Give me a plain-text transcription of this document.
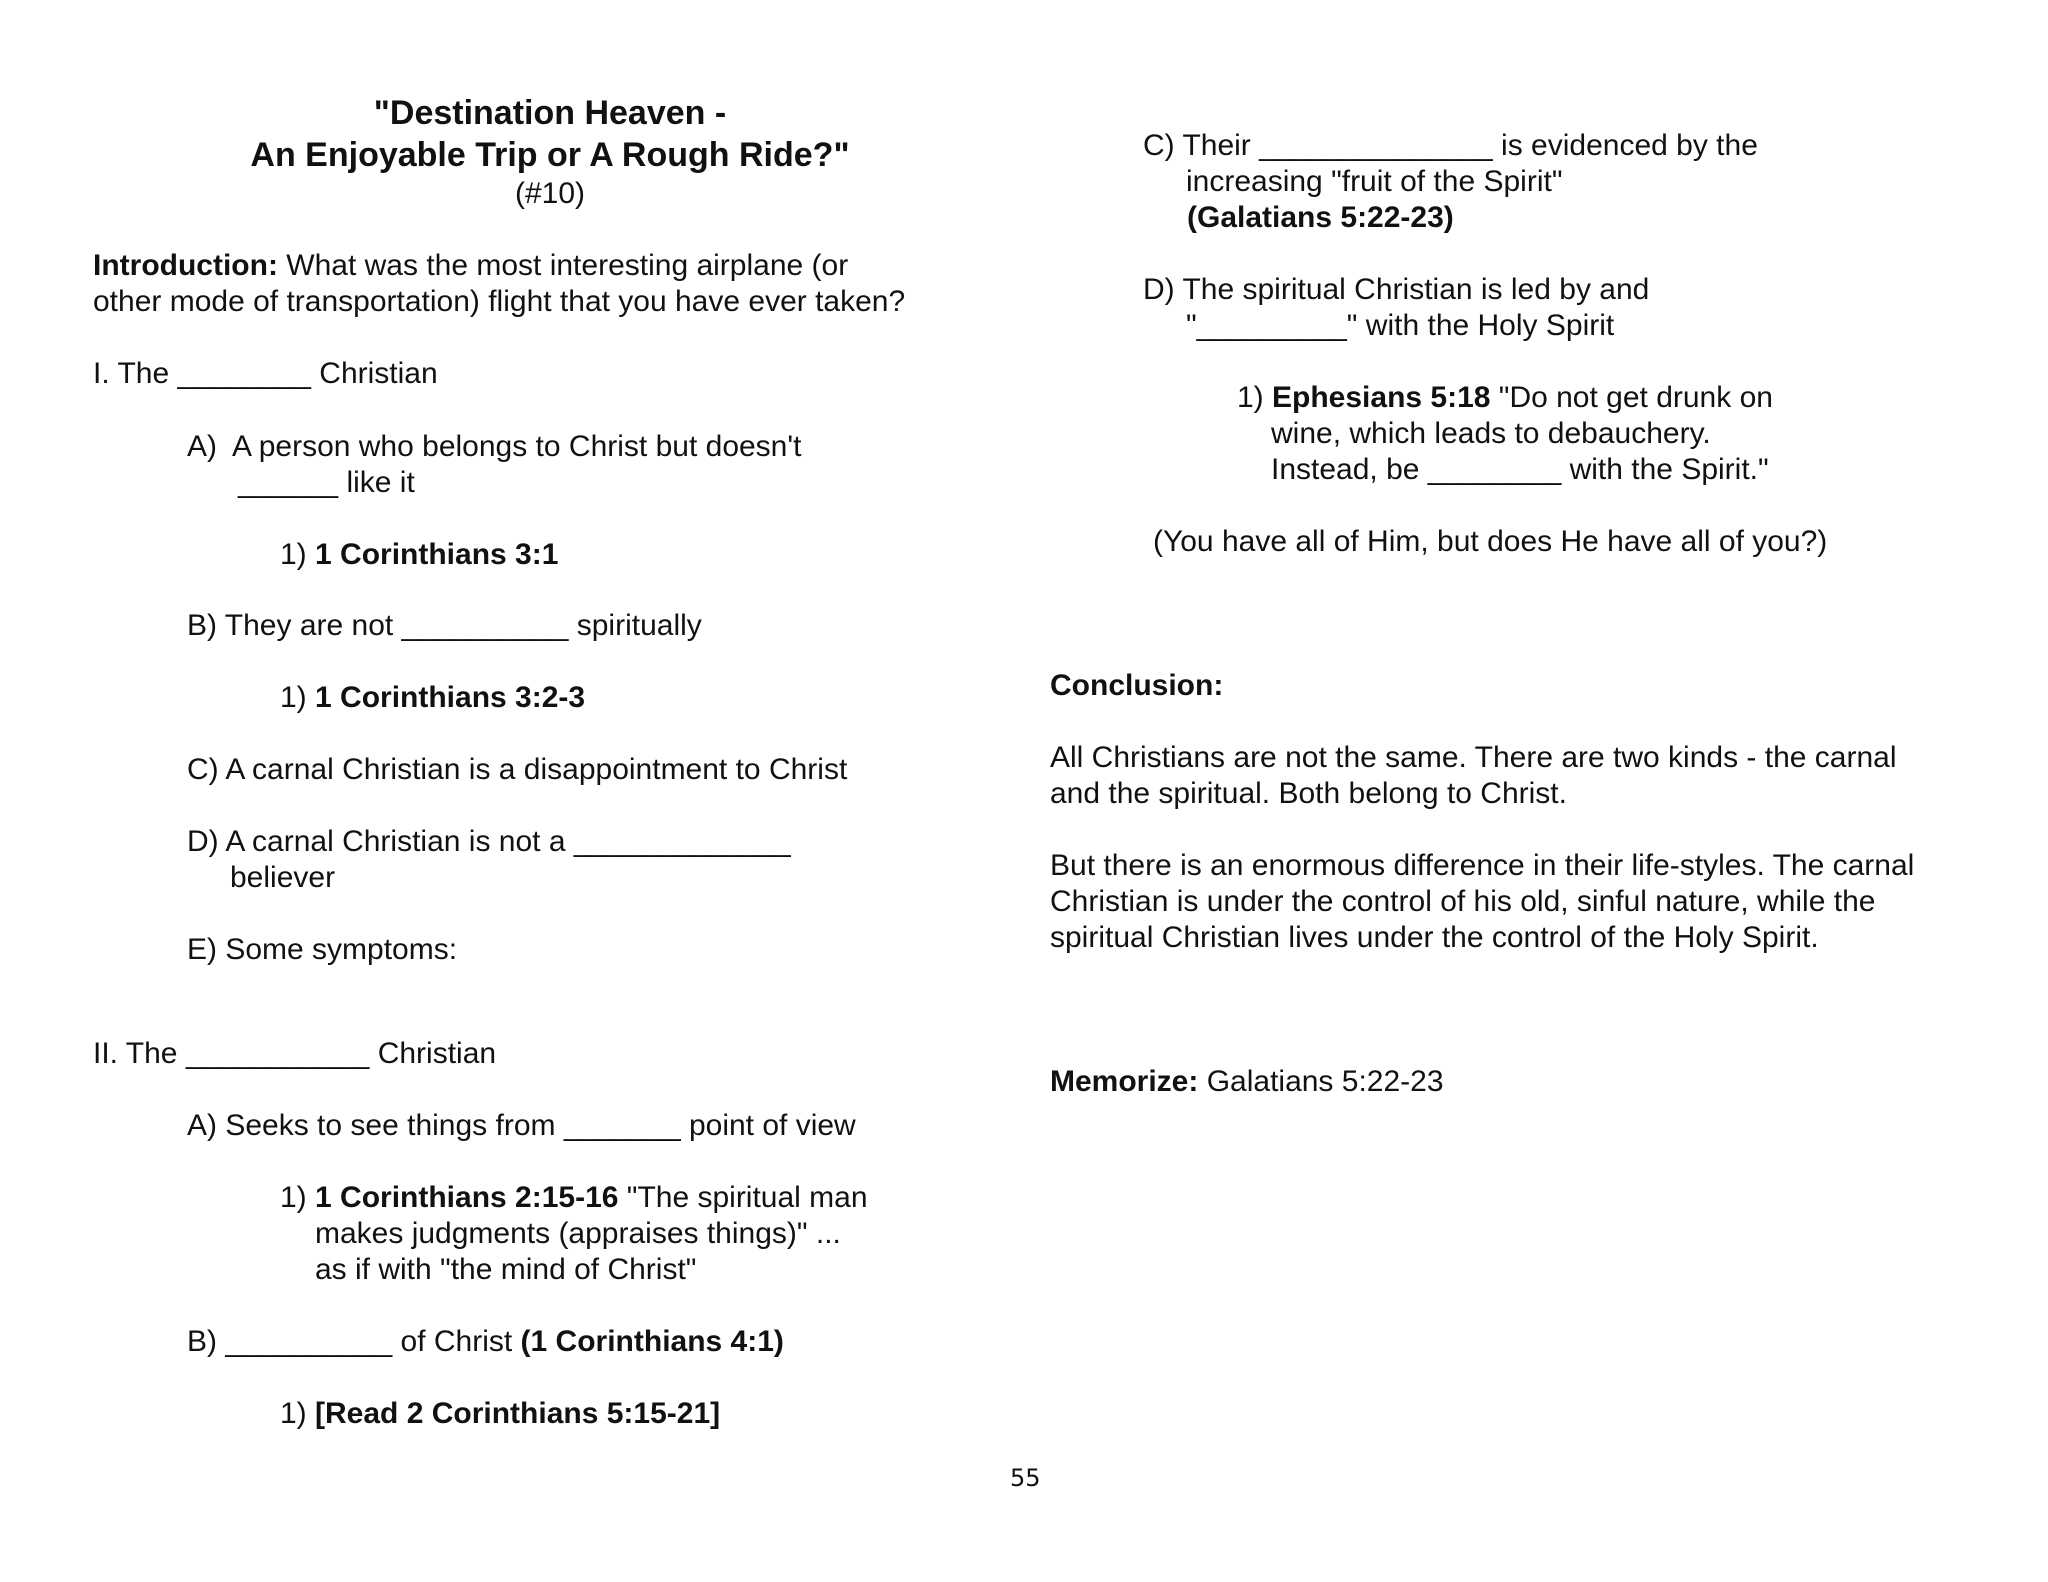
"Destination Heaven -
An Enjoyable Trip or A Rough Ride?"
(#10)
Introduction: What was the most interesting airplane (or
other mode of transportation) flight that you have ever taken?
I. The ________ Christian
A)  A person who belongs to Christ but doesn't
______ like it
1) 1 Corinthians 3:1
B) They are not __________ spiritually
1) 1 Corinthians 3:2-3
C) A carnal Christian is a disappointment to Christ
D) A carnal Christian is not a _____________
believer
E) Some symptoms:
II. The ___________ Christian
A) Seeks to see things from _______ point of view
1) 1 Corinthians 2:15-16 "The spiritual man
makes judgments (appraises things)" ...
as if with "the mind of Christ"
B) __________ of Christ (1 Corinthians 4:1)
1) [Read 2 Corinthians 5:15-21]
C) Their ______________ is evidenced by the
increasing "fruit of the Spirit"
(Galatians 5:22-23)
D) The spiritual Christian is led by and
"_________" with the Holy Spirit
1) Ephesians 5:18 "Do not get drunk on
wine, which leads to debauchery.
Instead, be ________ with the Spirit."
(You have all of Him, but does He have all of you?)
Conclusion:
All Christians are not the same. There are two kinds - the carnal
and the spiritual. Both belong to Christ.
But there is an enormous difference in their life-styles. The carnal
Christian is under the control of his old, sinful nature, while the
spiritual Christian lives under the control of the Holy Spirit.
Memorize: Galatians 5:22-23
55
